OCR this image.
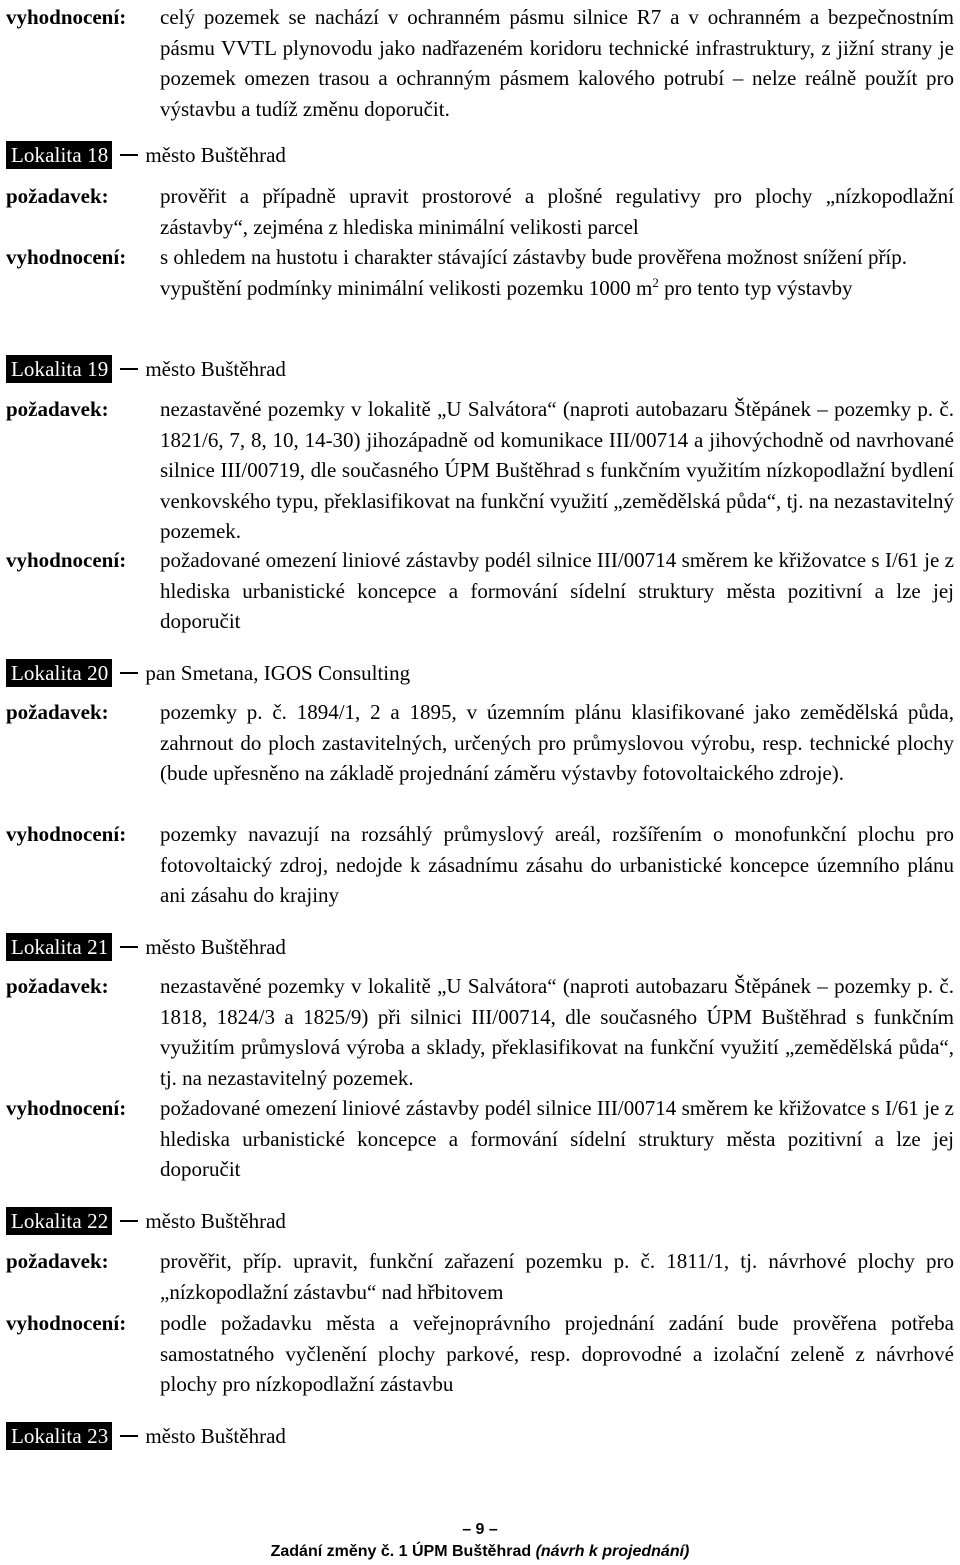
vyhodnocení:	celý pozemek se nachází v ochranném pásmu silnice R7 a v ochranném a bezpečnostním pásmu VVTL plynovodu jako nadřazeném koridoru technické infrastruktury, z jižní strany je pozemek omezen trasou a ochranným pásmem kalového potrubí – nelze reálně použít pro výstavbu a tudíž změnu doporučit.
Lokalita 18 město Buštěhrad
požadavek:	prověřit a případně upravit prostorové a plošné regulativy pro plochy „nízkopodlažní zástavby“, zejména z hlediska minimální velikosti parcel
vyhodnocení:	s ohledem na hustotu i charakter stávající zástavby bude prověřena možnost snížení příp. vypuštění podmínky minimální velikosti pozemku 1000 $m^2$ pro tento typ výstavby
Lokalita 19 město Buštěhrad
požadavek:	nezastavěné pozemky v lokalitě „U Salvátora“ (naproti autobazaru Štěpánek – pozemky p. č. 1821/6, 7, 8, 10, 14-30) jihozápadně od komunikace III/00714 a jihovýchodně od navrhované silnice III/00719, dle současného ÚPM Buštěhrad s funkčním využitím nízkopodlažní bydlení venkovského typu, překlasifikovat na funkční využití „zemědělská půda“, tj. na nezastavitelný pozemek.
vyhodnocení:	požadované omezení liniové zástavby podél silnice III/00714 směrem ke křižovatce s I/61 je z hlediska urbanistické koncepce a formování sídelní struktury města pozitivní a lze jej doporučit
Lokalita 20 pan Smetana, IGOS Consulting
požadavek:	pozemky p. č. 1894/1, 2 a 1895, v územním plánu klasifikované jako zemědělská půda, zahrnout do ploch zastavitelných, určených pro průmyslovou výrobu, resp. technické plochy (bude upřesněno na základě projednání záměru výstavby fotovoltaického zdroje).
vyhodnocení:	pozemky navazují na rozsáhlý průmyslový areál, rozšířením o monofunkční plochu pro fotovoltaický zdroj, nedojde k zásadnímu zásahu do urbanistické koncepce územního plánu ani zásahu do krajiny
Lokalita 21 město Buštěhrad
požadavek:	nezastavěné pozemky v lokalitě „U Salvátora“ (naproti autobazaru Štěpánek – pozemky p. č. 1818, 1824/3 a 1825/9) při silnici III/00714, dle současného ÚPM Buštěhrad s funkčním využitím průmyslová výroba a sklady, překlasifikovat na funkční využití „zemědělská půda“, tj. na nezastavitelný pozemek.
vyhodnocení:	požadované omezení liniové zástavby podél silnice III/00714 směrem ke křižovatce s I/61 je z hlediska urbanistické koncepce a formování sídelní struktury města pozitivní a lze jej doporučit
Lokalita 22 město Buštěhrad
požadavek:	prověřit, příp. upravit, funkční zařazení pozemku p. č. 1811/1, tj. návrhové plochy pro „nízkopodlažní zástavbu“ nad hřbitovem
vyhodnocení:	podle požadavku města a veřejnoprávního projednání zadání bude prověřena potřeba samostatného vyčlenění plochy parkové, resp. doprovodné a izolační zeleně z návrhové plochy pro nízkopodlažní zástavbu
Lokalita 23 město Buštěhrad
– 9 –
Zadání změny č. 1 ÚPM Buštěhrad (návrh k projednání)
